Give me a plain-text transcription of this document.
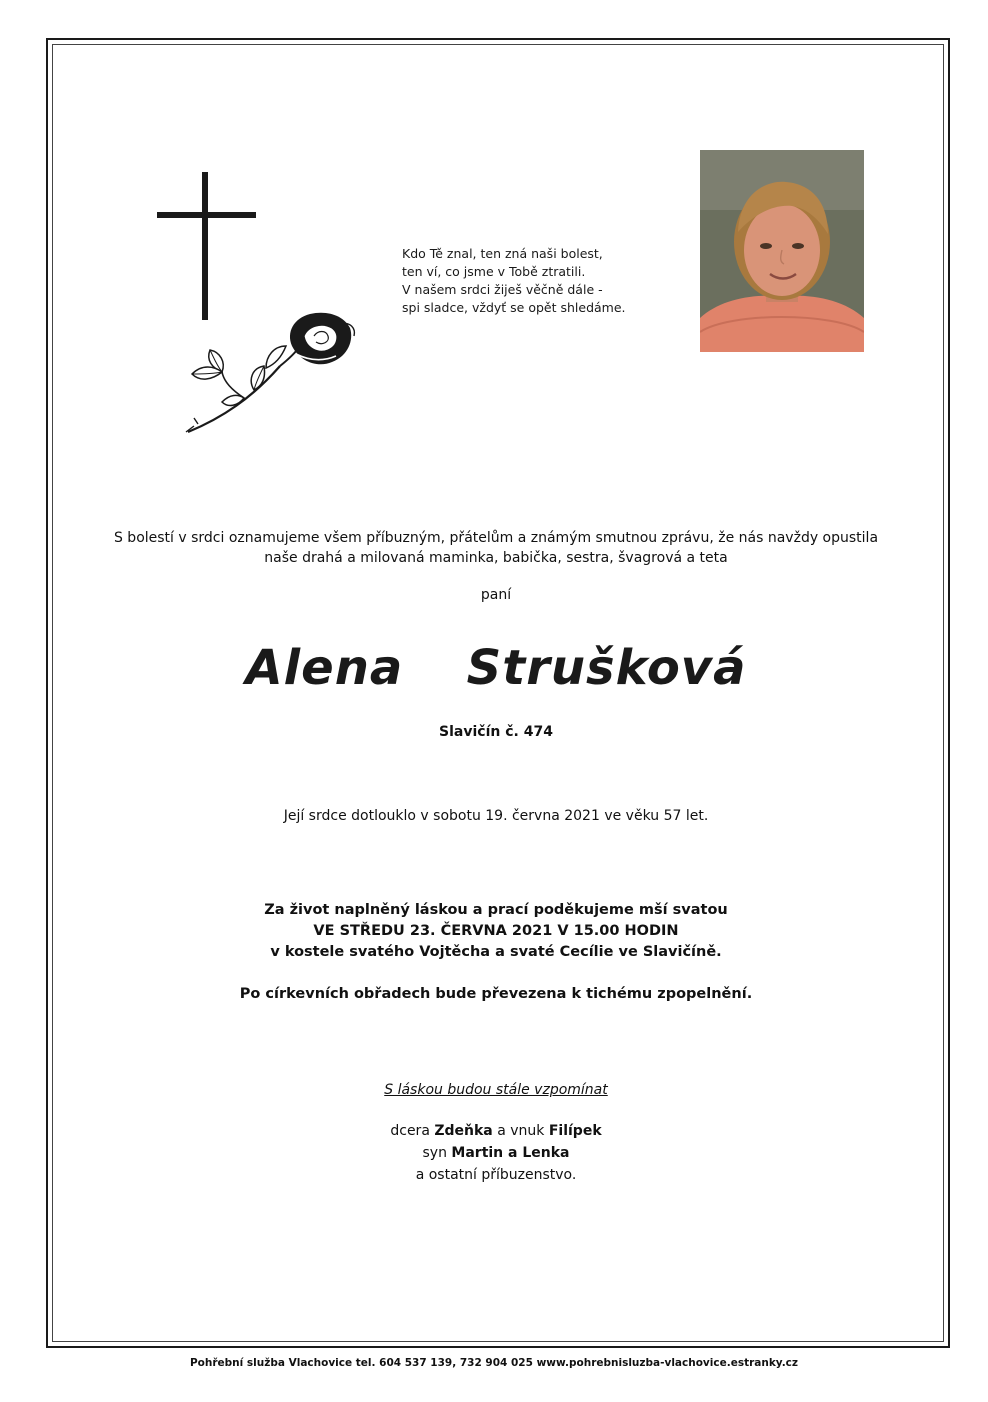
Kdo Tě znal, ten zná naši bolest,
ten ví, co jsme v Tobě ztratili.
V našem srdci žiješ věčně dále -
spi sladce, vždyť se opět shledáme.
S bolestí v srdci oznamujeme všem příbuzným, přátelům a známým smutnou zprávu, že nás navždy opustila
naše drahá a milovaná maminka, babička, sestra, švagrová a teta
paní
Alena  Strušková
Slavičín č. 474
Její srdce dotlouklo v sobotu 19. června 2021 ve věku 57 let.
Za život naplněný láskou a prací poděkujeme mší svatou
VE STŘEDU 23. ČERVNA 2021 V 15.00 HODIN
v kostele svatého Vojtěcha a svaté Cecílie ve Slavičíně.
Po církevních obřadech bude převezena k tichému zpopelnění.
S láskou budou stále vzpomínat
dcera Zdeňka a vnuk Filípek
syn Martin a Lenka
a ostatní příbuzenstvo.
Pohřební služba Vlachovice tel. 604 537 139, 732 904 025 www.pohrebnisluzba-vlachovice.estranky.cz
